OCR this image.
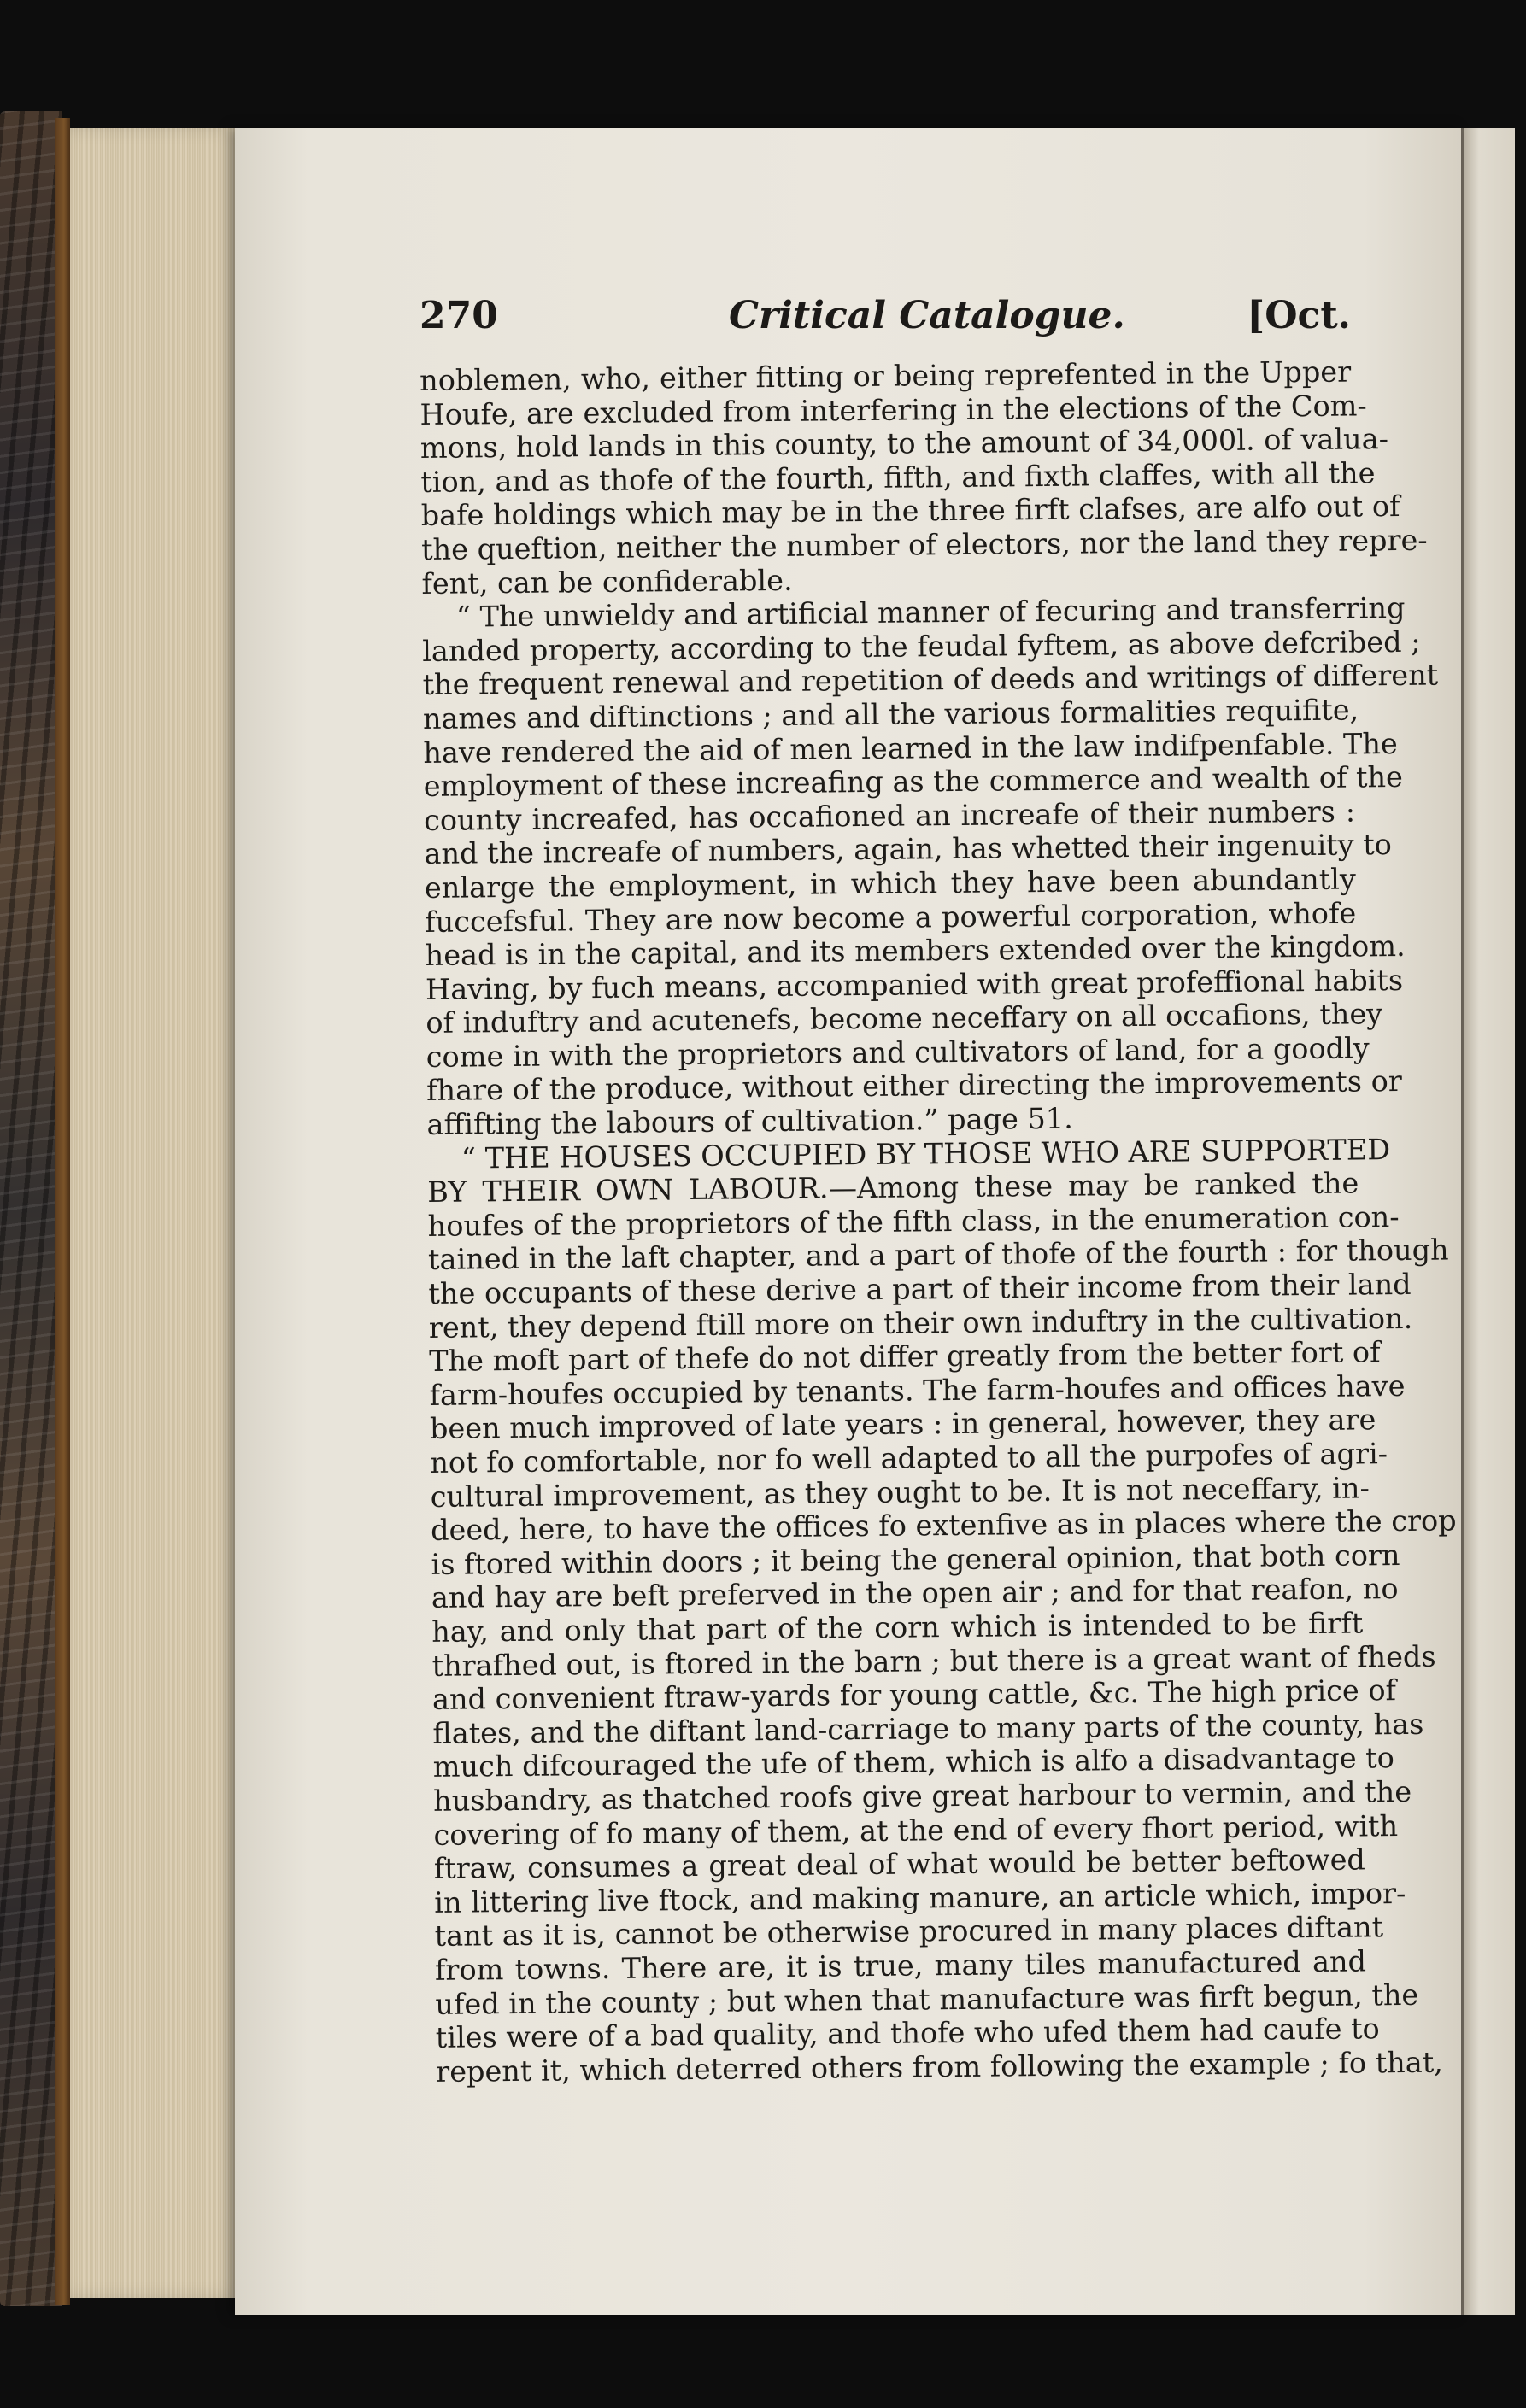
270	Critical Catalogue.	[Oct.
noblemen, who, either fitting or being reprefented in the Upper
Houfe, are excluded from interfering in the elections of the Com-
mons, hold lands in this county, to the amount of 34,000l. of valua-
tion, and as thofe of the fourth, fifth, and fixth claffes, with all the
bafe holdings which may be in the three firft clafses, are alfo out of
the queftion, neither the number of electors, nor the land they repre-
fent, can be confiderable.
“ The unwieldy and artificial manner of fecuring and transferring
landed property, according to the feudal fyftem, as above defcribed ;
the frequent renewal and repetition of deeds and writings of different
names and diftinctions ; and all the various formalities requifite,
have rendered the aid of men learned in the law indifpenfable. The
employment of these increafing as the commerce and wealth of the
county increafed, has occafioned an increafe of their numbers :
and the increafe of numbers, again, has whetted their ingenuity to
enlarge the employment, in which they have been abundantly
fuccefsful. They are now become a powerful corporation, whofe
head is in the capital, and its members extended over the kingdom.
Having, by fuch means, accompanied with great profeffional habits
of induftry and acutenefs, become neceffary on all occafions, they
come in with the proprietors and cultivators of land, for a goodly
fhare of the produce, without either directing the improvements or
affifting the labours of cultivation.” page 51.
“ THE HOUSES OCCUPIED BY THOSE WHO ARE SUPPORTED
BY THEIR OWN LABOUR.—Among these may be ranked the
houfes of the proprietors of the fifth class, in the enumeration con-
tained in the laft chapter, and a part of thofe of the fourth : for though
the occupants of these derive a part of their income from their land
rent, they depend ftill more on their own induftry in the cultivation.
The moft part of thefe do not differ greatly from the better fort of
farm-houfes occupied by tenants. The farm-houfes and offices have
been much improved of late years : in general, however, they are
not fo comfortable, nor fo well adapted to all the purpofes of agri-
cultural improvement, as they ought to be. It is not neceffary, in-
deed, here, to have the offices fo extenfive as in places where the crop
is ftored within doors ; it being the general opinion, that both corn
and hay are beft preferved in the open air ; and for that reafon, no
hay, and only that part of the corn which is intended to be firft
thrafhed out, is ftored in the barn ; but there is a great want of fheds
and convenient ftraw-yards for young cattle, &c. The high price of
flates, and the diftant land-carriage to many parts of the county, has
much difcouraged the ufe of them, which is alfo a disadvantage to
husbandry, as thatched roofs give great harbour to vermin, and the
covering of fo many of them, at the end of every fhort period, with
ftraw, consumes a great deal of what would be better beftowed
in littering live ftock, and making manure, an article which, impor-
tant as it is, cannot be otherwise procured in many places diftant
from towns. There are, it is true, many tiles manufactured and
ufed in the county ; but when that manufacture was firft begun, the
tiles were of a bad quality, and thofe who ufed them had caufe to
repent it, which deterred others from following the example ; fo that,
